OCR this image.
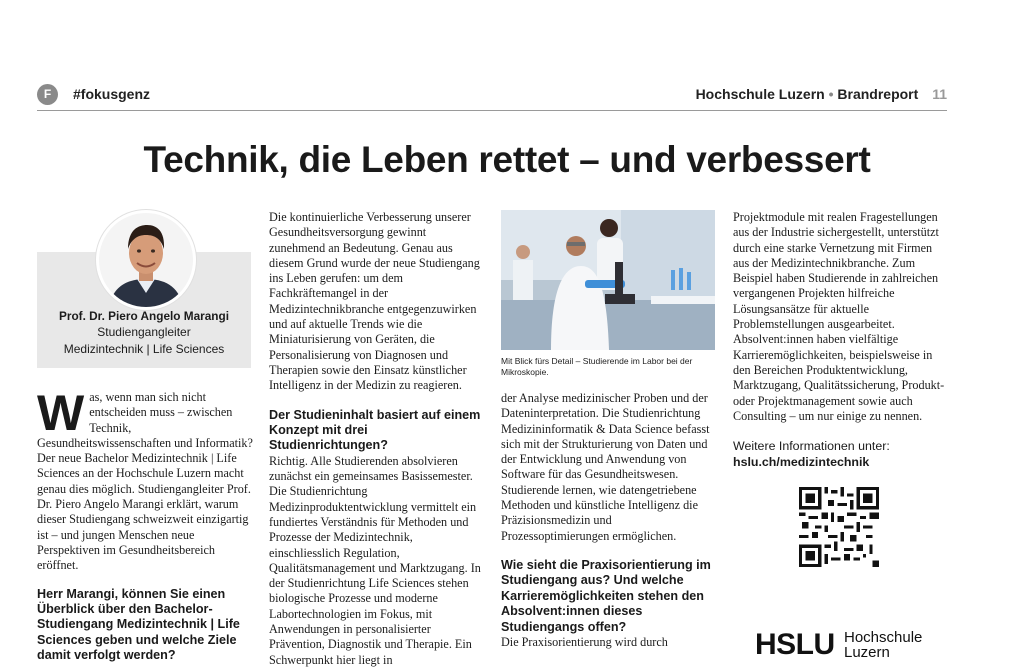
F	#fokusgenz	Hochschule Luzern • Brandreport 11
Technik, die Leben rettet – und verbessert
Prof. Dr. Piero Angelo Marangi
Studiengangleiter
Medizintechnik | Life Sciences

Was, wenn man sich nicht entscheiden muss – zwischen Technik, Gesundheitswissenschaften und Informatik? Der neue Bachelor Medizintechnik | Life Sciences an der Hochschule Luzern macht genau dies möglich. Studiengangleiter Prof. Dr. Piero Angelo Marangi erklärt, warum dieser Studiengang schweizweit einzigartig ist – und jungen Menschen neue Perspektiven im Gesundheitsbereich eröffnet.

Herr Marangi, können Sie einen Überblick über den Bachelor-Studiengang Medizintechnik | Life Sciences geben und welche Ziele damit verfolgt werden?

Die kontinuierliche Verbesserung unserer Gesundheitsversorgung gewinnt zunehmend an Bedeutung. Genau aus diesem Grund wurde der neue Studiengang ins Leben gerufen: um dem Fachkräftemangel in der Medizintechnikbranche entgegenzuwirken und auf aktuelle Trends wie die Miniaturisierung von Geräten, die Personalisierung von Diagnosen und Therapien sowie den Einsatz künstlicher Intelligenz in der Medizin zu reagieren.

Der Studieninhalt basiert auf einem Konzept mit drei Studienrichtungen?

Richtig. Alle Studierenden absolvieren zunächst ein gemeinsames Basissemester. Die Studienrichtung Medizinproduktentwicklung vermittelt ein fundiertes Verständnis für Methoden und Prozesse der Medizintechnik, einschliesslich Regulation, Qualitätsmanagement und Marktzugang. In der Studienrichtung Life Sciences stehen biologische Prozesse und moderne Labortechnologien im Fokus, mit Anwendungen in personalisierter Prävention, Diagnostik und Therapie. Ein Schwerpunkt hier liegt in

Mit Blick fürs Detail – Studierende im Labor bei der Mikroskopie.

der Analyse medizinischer Proben und der Dateninterpretation. Die Studienrichtung Medizininformatik & Data Science befasst sich mit der Strukturierung von Daten und der Entwicklung und Anwendung von Software für das Gesundheitswesen. Studierende lernen, wie datengetriebene Methoden und künstliche Intelligenz die Präzisionsmedizin und Prozessoptimierungen ermöglichen.

Wie sieht die Praxisorientierung im Studiengang aus? Und welche Karrieremöglichkeiten stehen den Absolvent:innen dieses Studiengangs offen?

Die Praxisorientierung wird durch

Projektmodule mit realen Fragestellungen aus der Industrie sichergestellt, unterstützt durch eine starke Vernetzung mit Firmen aus der Medizintechnikbranche. Zum Beispiel haben Studierende in zahlreichen vergangenen Projekten hilfreiche Lösungsansätze für aktuelle Problemstellungen ausgearbeitet. Absolvent:innen haben vielfältige Karrieremöglichkeiten, beispielsweise in den Bereichen Produktentwicklung, Marktzugang, Qualitätssicherung, Produkt- oder Projektmanagement sowie auch Consulting – um nur einige zu nennen.

Weitere Informationen unter:
hslu.ch/medizintechnik
HSLU Hochschule
Luzern
